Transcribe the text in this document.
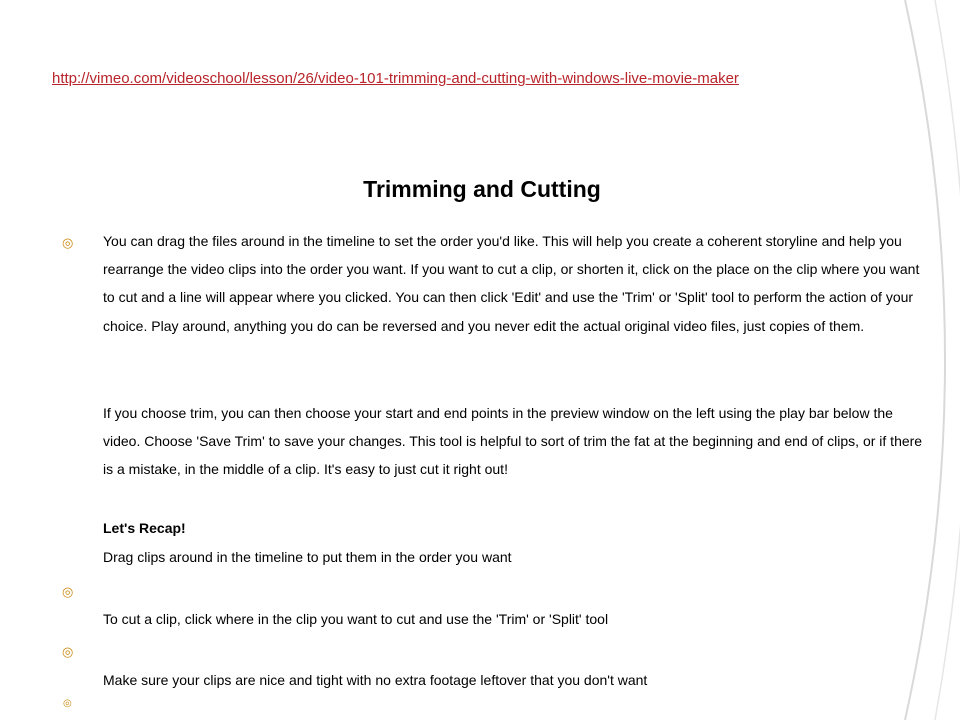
http://vimeo.com/videoschool/lesson/26/video-101-trimming-and-cutting-with-windows-live-movie-maker
Trimming and Cutting
◎ You can drag the files around in the timeline to set the order you'd like. This will help you create a coherent storyline and help you rearrange the video clips into the order you want. If you want to cut a clip, or shorten it, click on the place on the clip where you want to cut and a line will appear where you clicked. You can then click 'Edit' and use the 'Trim' or 'Split' tool to perform the action of your choice. Play around, anything you do can be reversed and you never edit the actual original video files, just copies of them.
If you choose trim, you can then choose your start and end points in the preview window on the left using the play bar below the video. Choose 'Save Trim' to save your changes. This tool is helpful to sort of trim the fat at the beginning and end of clips, or if there is a mistake, in the middle of a clip. It's easy to just cut it right out!
Let's Recap!
Drag clips around in the timeline to put them in the order you want
◎
To cut a clip, click where in the clip you want to cut and use the 'Trim' or 'Split' tool
◎
Make sure your clips are nice and tight with no extra footage leftover that you don't want
◎
